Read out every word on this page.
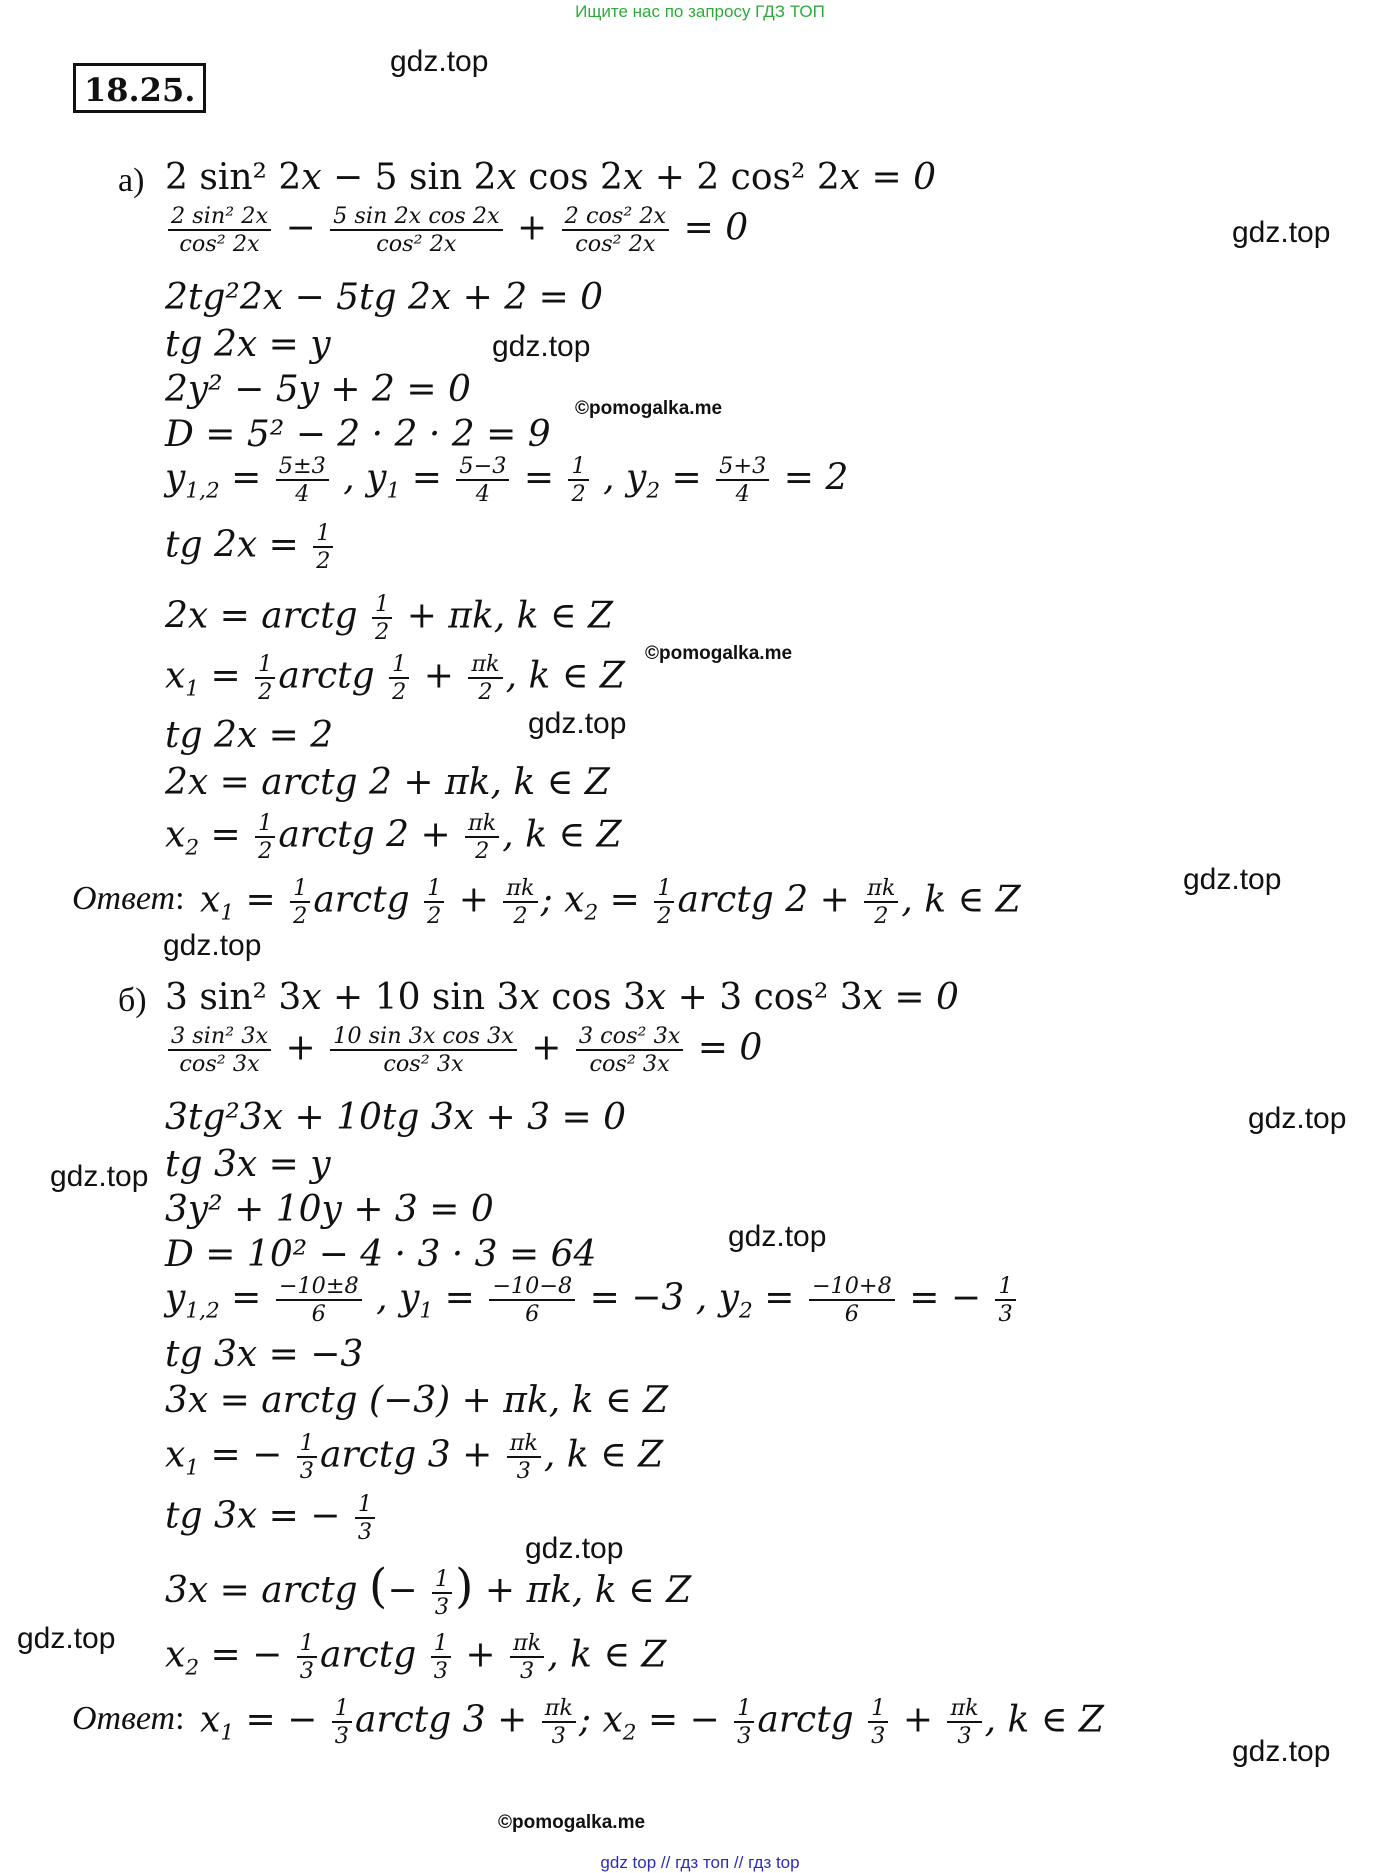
Ищите нас по запросу ГДЗ ТОП
18.25.
gdz.top
gdz.top
gdz.top
©pomogalka.me
©pomogalka.me
gdz.top
gdz.top
gdz.top
gdz.top
gdz.top
gdz.top
gdz.top
gdz.top
gdz.top
©pomogalka.me
а) 2 sin² 2x − 5 sin 2x cos 2x + 2 cos² 2x = 0
$\frac{\text{2 sin² 2x}}{\text{cos² 2x}} - \frac{\text{5 sin 2x cos 2x}}{\text{cos² 2x}} + \frac{\text{2 cos² 2x}}{\text{cos² 2x}} = 0$
2tg²2x − 5tg 2x + 2 = 0
tg 2x = y
2y² − 5y + 2 = 0
D = 5² − 2 · 2 · 2 = 9
$y_{1,2} = \frac{5\pm 3}{4}$ , $y_1 = \frac{5-3}{4} = \frac{1}{2}$ , $y_2 = \frac{5+3}{4} = 2$
tg $2x = \frac{1}{2}$
2x = arctg $\frac{1}{2} + \pi k$, k ∈ Z
$x_1 = \frac{1}{2}$ arctg $\frac{1}{2} + \frac{\pi k}{2}$ , k ∈ Z
tg 2x = 2
2x = arctg 2 + πk, k ∈ Z
$x_2 = \frac{1}{2}$ arctg $2 + \frac{\pi k}{2}$ , k ∈ Z
Ответ: $x_1 = \frac{1}{2}$ arctg $\frac{1}{2} + \frac{\pi k}{2}$ ; $x_2 = \frac{1}{2}$ arctg $2 + \frac{\pi k}{2}$ , k ∈ Z
б) 3 sin² 3x + 10 sin 3x cos 3x + 3 cos² 3x = 0
$\frac{\text{3 sin² 3x}}{\text{cos² 3x}} + \frac{\text{10 sin 3x cos 3x}}{\text{cos² 3x}} + \frac{\text{3 cos² 3x}}{\text{cos² 3x}} = 0$
3tg²3x + 10tg 3x + 3 = 0
tg 3x = y
3y² + 10y + 3 = 0
D = 10² − 4 · 3 · 3 = 64
$y_{1,2} = \frac{-10\pm 8}{6}$ , $y_1 = \frac{-10-8}{6} = -3$ , $y_2 = \frac{-10+8}{6}$ = − $\frac{1}{3}$
tg 3x = −3
3x = arctg (−3) + πk, k ∈ Z
$x_1$ = − $\frac{1}{3}$ arctg $3 + \frac{\pi k}{3}$ , k ∈ Z
tg 3x = − $\frac{1}{3}$
3x = arctg (− $\frac{1}{3}$ ) + πk, k ∈ Z
$x_2$ = − $\frac{1}{3}$ arctg $\frac{1}{3} + \frac{\pi k}{3}$ , k ∈ Z
Ответ: $x_1$ = − $\frac{1}{3}$ arctg $3 + \frac{\pi k}{3}$ ; $x_2$ = − $\frac{1}{3}$ arctg $\frac{1}{3} + \frac{\pi k}{3}$ , k ∈ Z
gdz top // гдз топ // гдз top
